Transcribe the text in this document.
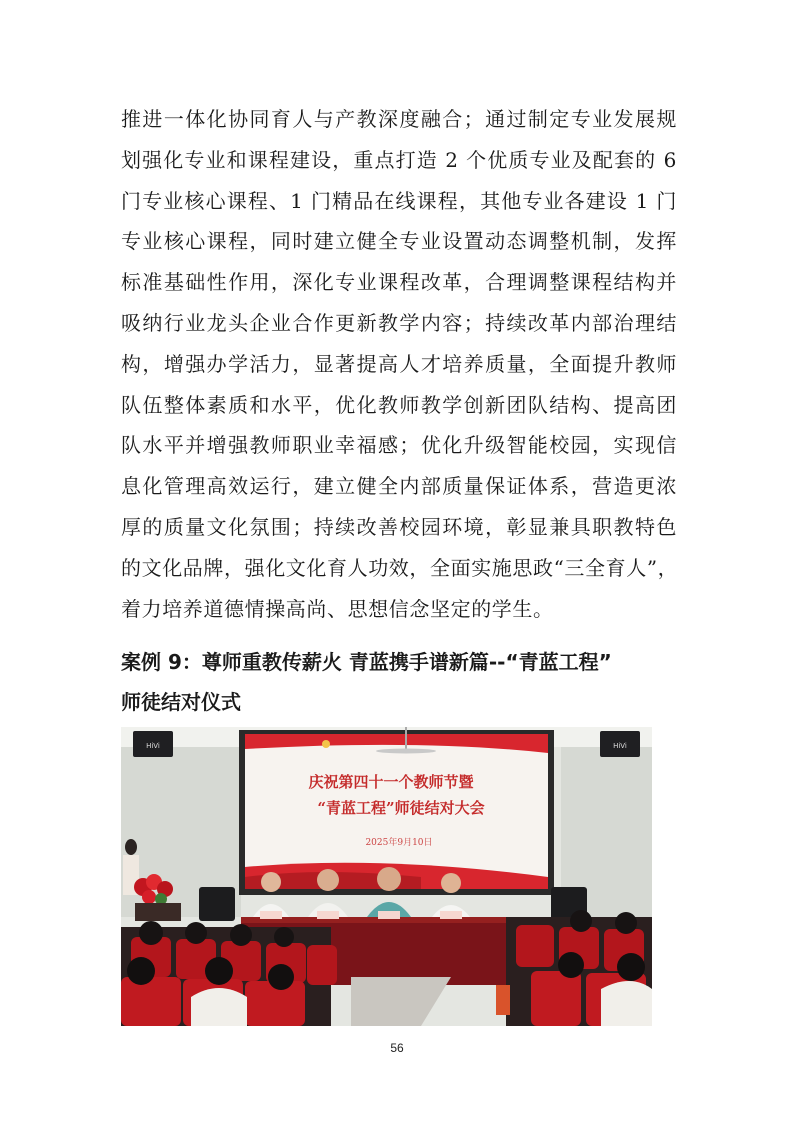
推进一体化协同育人与产教深度融合；通过制定专业发展规
划强化专业和课程建设，重点打造 2 个优质专业及配套的 6
门专业核心课程、1 门精品在线课程，其他专业各建设 1 门
专业核心课程，同时建立健全专业设置动态调整机制，发挥
标准基础性作用，深化专业课程改革，合理调整课程结构并
吸纳行业龙头企业合作更新教学内容；持续改革内部治理结
构，增强办学活力，显著提高人才培养质量，全面提升教师
队伍整体素质和水平，优化教师教学创新团队结构、提高团
队水平并增强教师职业幸福感；优化升级智能校园，实现信
息化管理高效运行，建立健全内部质量保证体系，营造更浓
厚的质量文化氛围；持续改善校园环境，彰显兼具职教特色
的文化品牌，强化文化育人功效，全面实施思政“三全育人”，
着力培养道德情操高尚、思想信念坚定的学生。
案例 9：尊师重教传薪火 青蓝携手谱新篇--“青蓝工程”
师徒结对仪式
HiVi	HiVi
庆祝第四十一个教师节暨
“青蓝工程”师徒结对大会
2025年9月10日
56
